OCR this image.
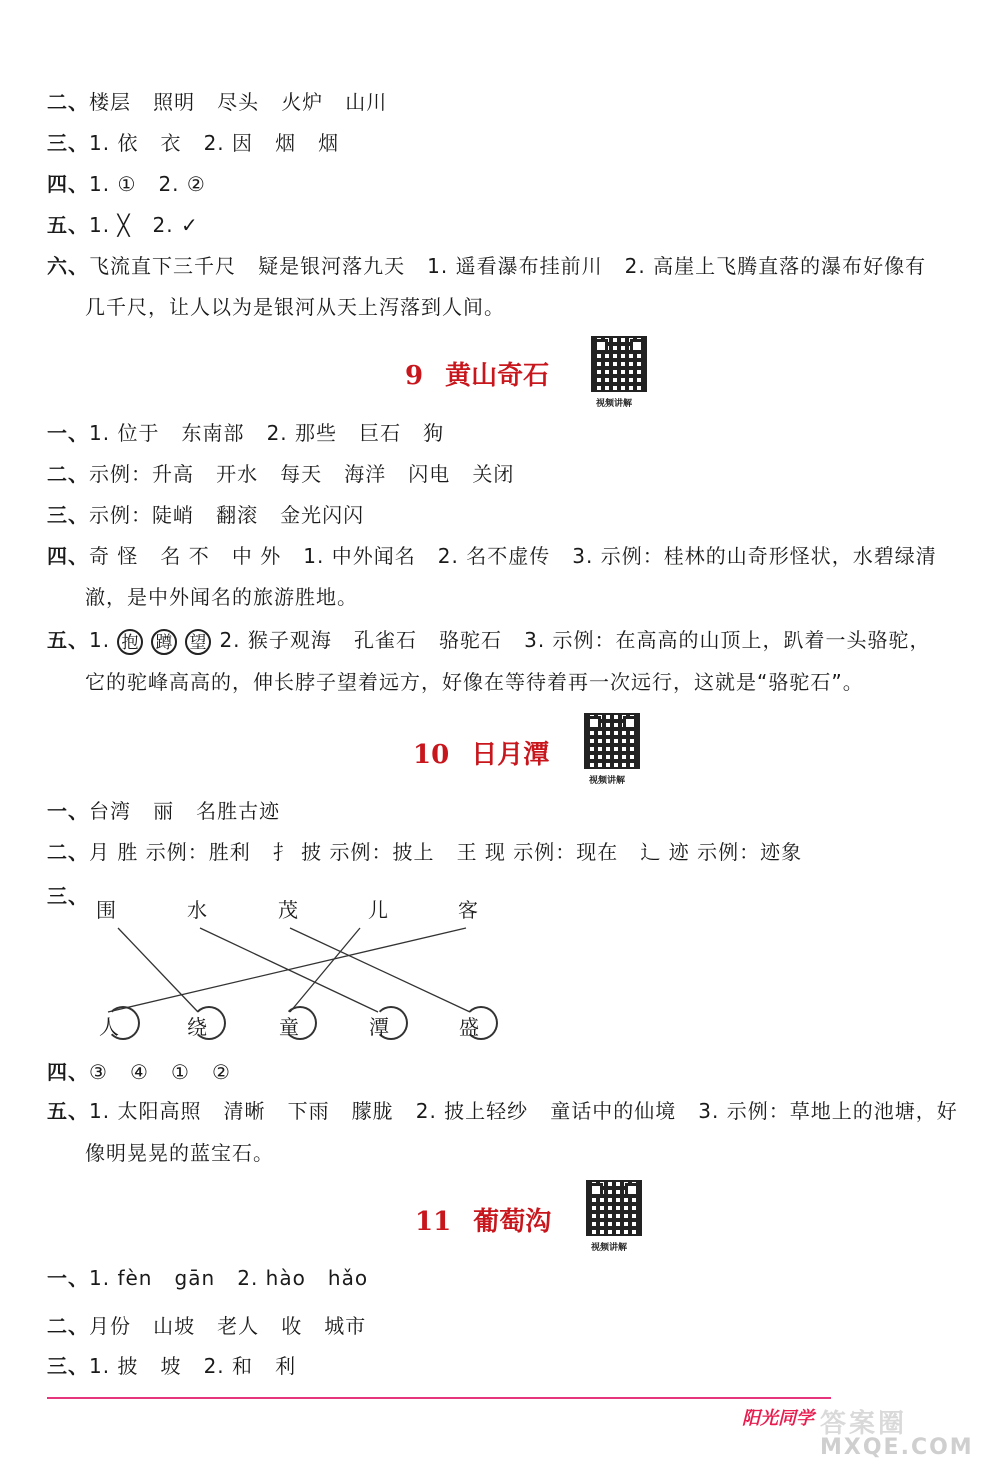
二、楼层   照明   尽头   火炉   山川
三、1. 依   衣   2. 因   烟   烟
四、1. ①   2. ②
五、1. ╳   2. ✓
六、飞流直下三千尺   疑是银河落九天   1. 遥看瀑布挂前川   2. 高崖上飞腾直落的瀑布好像有
几千尺，让人以为是银河从天上泻落到人间。
9 黄山奇石
视频讲解
一、1. 位于   东南部   2. 那些   巨石   狗
二、示例：升高   开水   每天   海洋   闪电   关闭
三、示例：陡峭   翻滚   金光闪闪
四、奇 怪   名 不   中 外   1. 中外闻名   2. 名不虚传   3. 示例：桂林的山奇形怪状，水碧绿清
澈，是中外闻名的旅游胜地。
五、1. 抱 蹲 望 2. 猴子观海   孔雀石   骆驼石   3. 示例：在高高的山顶上，趴着一头骆驼，
它的驼峰高高的，伸长脖子望着远方，好像在等待着再一次远行，这就是“骆驼石”。
10 日月潭
视频讲解
一、台湾   丽   名胜古迹
二、月 胜 示例：胜利   扌 披 示例：披上   王 现 示例：现在   辶 迹 示例：迹象
三、
围	水	茂	儿	客
人	绕	童	潭	盛
四、③   ④   ①   ②
五、1. 太阳高照   清晰   下雨   朦胧   2. 披上轻纱   童话中的仙境   3. 示例：草地上的池塘，好
像明晃晃的蓝宝石。
11 葡萄沟
视频讲解
一、1. fèn   gān   2. hào   hǎo
二、月份   山坡   老人   收   城市
三、1. 披   坡   2. 和   利
阳光同学 答案圈
MXQE.COM
